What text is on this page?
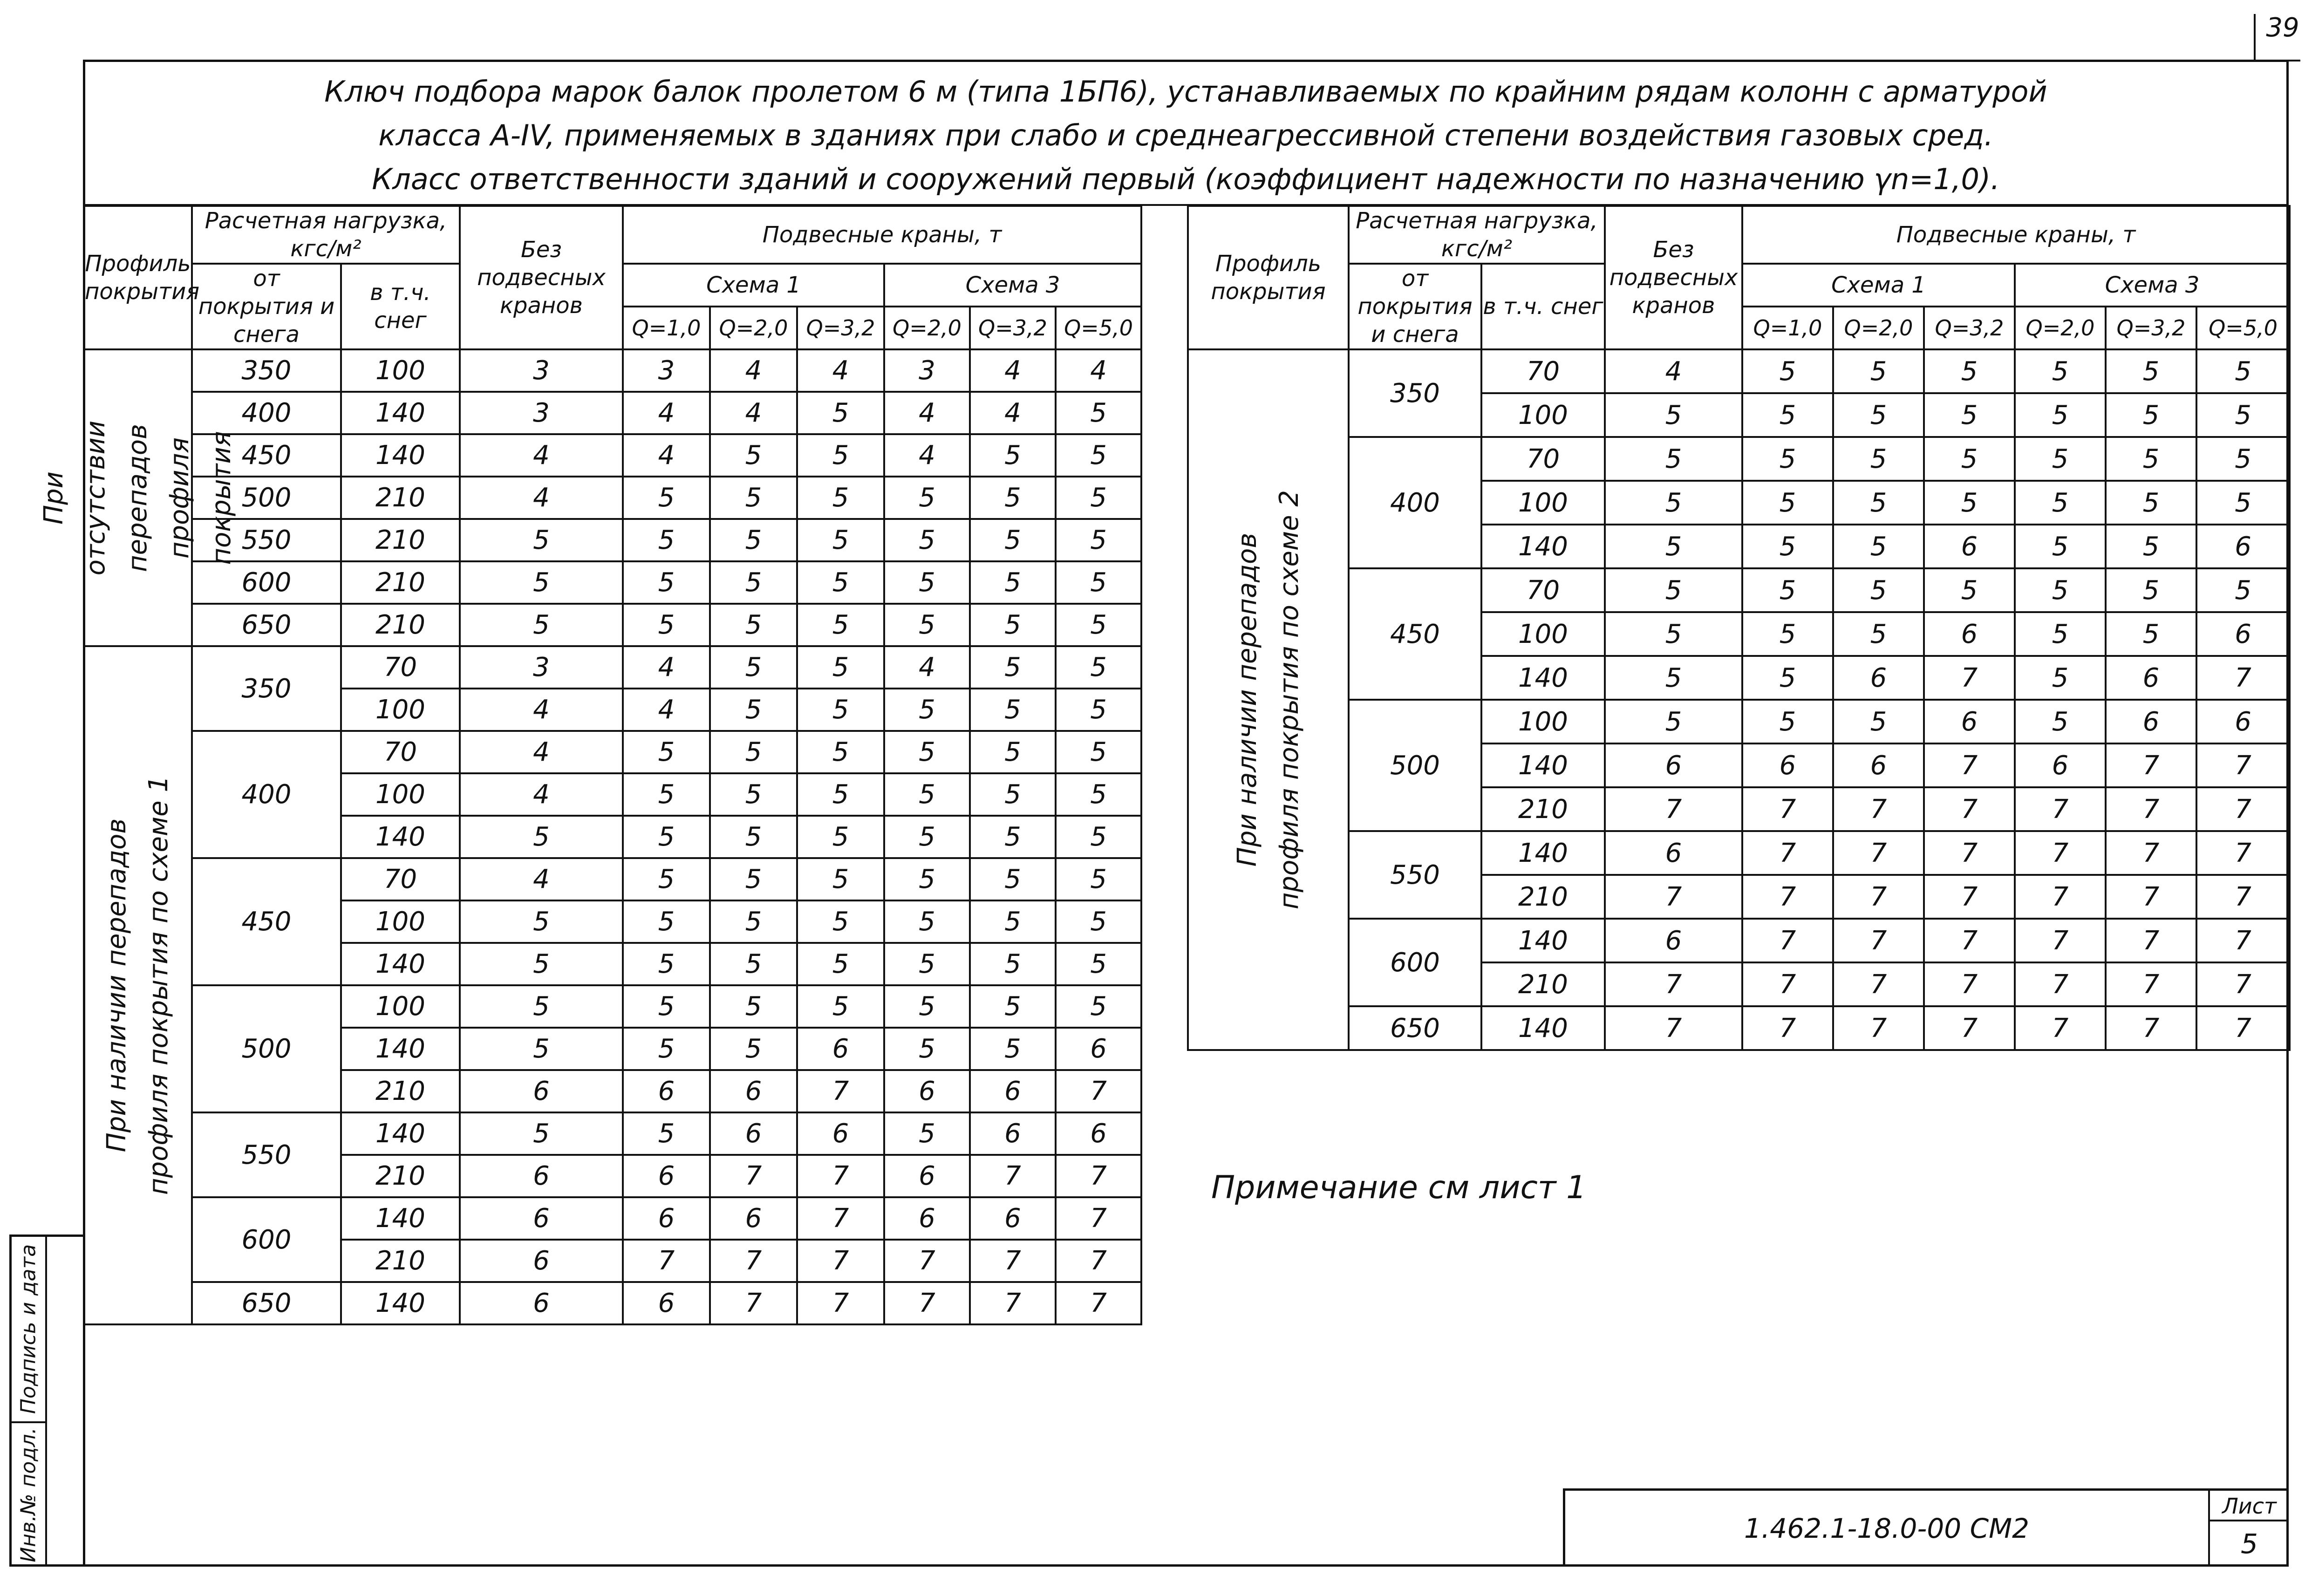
39
Ключ подбора марок балок пролетом 6 м (типа 1БП6), устанавливаемых по крайним рядам колонн с арматурой
класса А-IV, применяемых в зданиях при слабо и среднеагрессивной степени воздействия газовых сред.
Класс ответственности зданий и сооружений первый (коэффициент надежности по назначению γn=1,0).
Профиль покрытия	Расчетная нагрузка, кгс/м²		Без подвесных кранов	Подвесные краны, т					
	от покрытия и снега	в т.ч. снег		Схема 1			Схема 3		
				Q=1,0	Q=2,0	Q=3,2	Q=2,0	Q=3,2	Q=5,0

При отсутствии перепадов профиля покрытия	350	100	3	3	4	4	3	4	4
	400	140	3	4	4	5	4	4	5
	450	140	4	4	5	5	4	5	5
	500	210	4	5	5	5	5	5	5
	550	210	5	5	5	5	5	5	5
	600	210	5	5	5	5	5	5	5
	650	210	5	5	5	5	5	5	5

При наличии перепадов профиля покрытия по схеме 1	350	70	3	4	5	5	4	5	5
		100	4	4	5	5	5	5	5
	400	70	4	5	5	5	5	5	5
		100	4	5	5	5	5	5	5
		140	5	5	5	5	5	5	5
	450	70	4	5	5	5	5	5	5
		100	5	5	5	5	5	5	5
		140	5	5	5	5	5	5	5
	500	100	5	5	5	5	5	5	5
		140	5	5	5	6	5	5	6
		210	6	6	6	7	6	6	7
	550	140	5	5	6	6	5	6	6
		210	6	6	7	7	6	7	7
	600	140	6	6	6	7	6	6	7
		210	6	7	7	7	7	7	7
	650	140	6	6	7	7	7	7	7
Профиль покрытия	Расчетная нагрузка, кгс/м²		Без подвесных кранов	Подвесные краны, т					
	от покрытия и снега	в т.ч. снег		Схема 1			Схема 3		
				Q=1,0	Q=2,0	Q=3,2	Q=2,0	Q=3,2	Q=5,0

При наличии перепадов профиля покрытия по схеме 2	350	70	4	5	5	5	5	5	5
		100	5	5	5	5	5	5	5
	400	70	5	5	5	5	5	5	5
		100	5	5	5	5	5	5	5
		140	5	5	5	6	5	5	6
	450	70	5	5	5	5	5	5	5
		100	5	5	5	6	5	5	6
		140	5	5	6	7	5	6	7
	500	100	5	5	5	6	5	6	6
		140	6	6	6	7	6	7	7
		210	7	7	7	7	7	7	7
	550	140	6	7	7	7	7	7	7
		210	7	7	7	7	7	7	7
	600	140	6	7	7	7	7	7	7
		210	7	7	7	7	7	7	7
	650	140	7	7	7	7	7	7	7
Примечание см лист 1
Подпись и дата
Инв.№ подл.	1.462.1-18.0-00 СМ2
Лист
5
